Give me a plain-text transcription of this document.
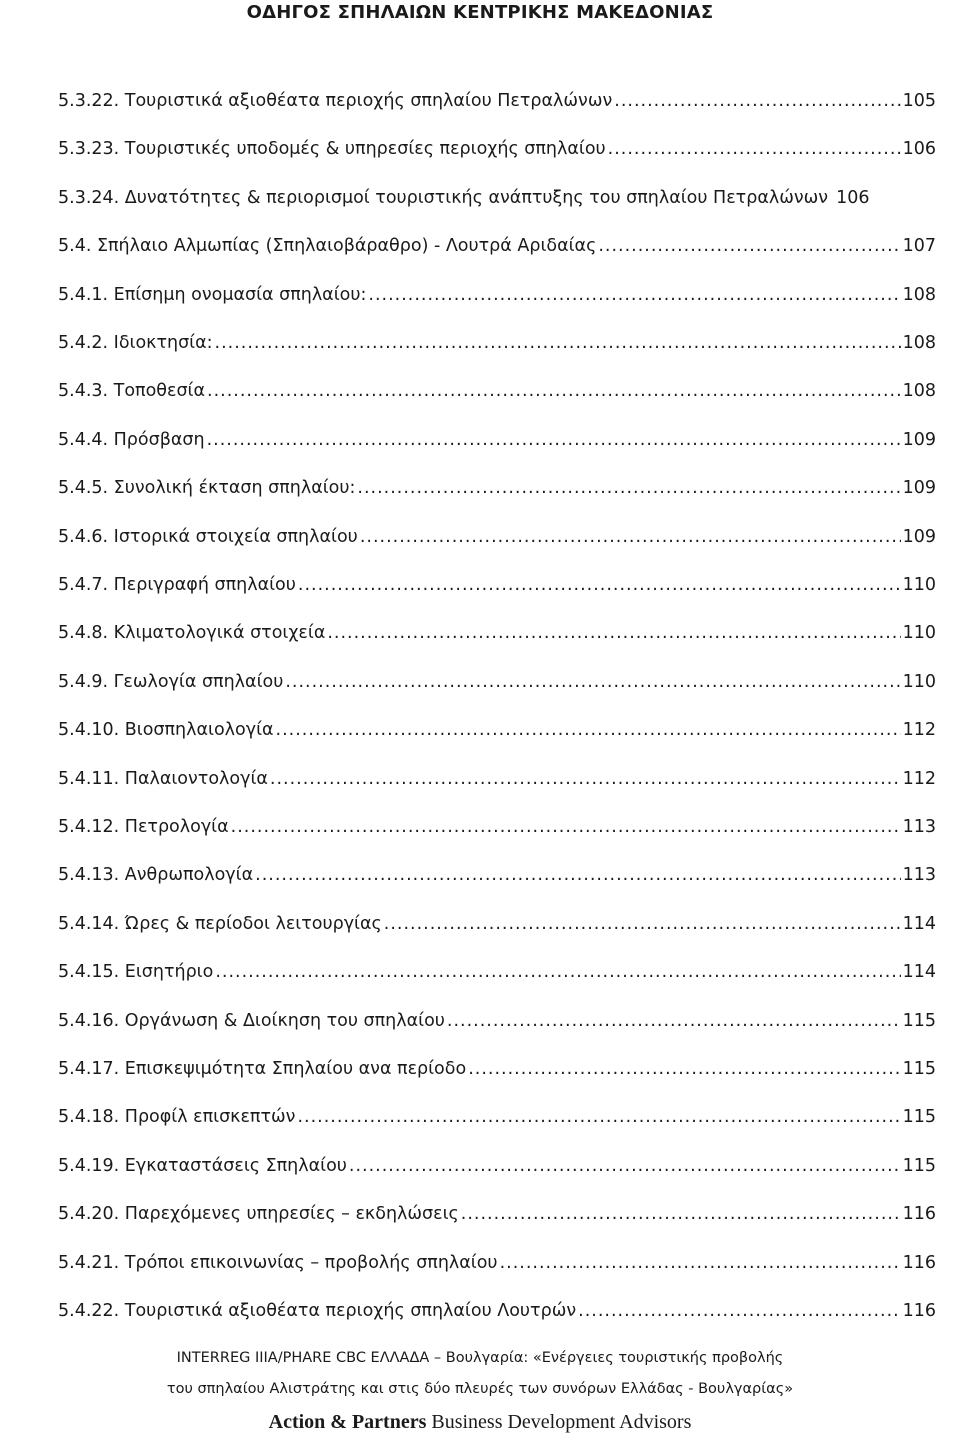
ΟΔΗΓΟΣ ΣΠΗΛΑΙΩΝ ΚΕΝΤΡΙΚΗΣ ΜΑΚΕΔΟΝΙΑΣ
5.3.22. Τουριστικά αξιοθέατα περιοχής σπηλαίου Πετραλώνων .....	105
5.3.23. Τουριστικές υποδομές & υπηρεσίες περιοχής σπηλαίου .....	106
5.3.24. Δυνατότητες & περιορισμοί τουριστικής ανάπτυξης του σπηλαίου Πετραλώνων 106
5.4. Σπήλαιο Αλμωπίας (Σπηλαιοβάραθρο) - Λουτρά Αριδαίας .....	107
5.4.1. Επίσημη ονομασία σπηλαίου: .....	108
5.4.2. Ιδιοκτησία: .....	108
5.4.3. Τοποθεσία .....	108
5.4.4. Πρόσβαση .....	109
5.4.5. Συνολική έκταση σπηλαίου: .....	109
5.4.6. Ιστορικά στοιχεία σπηλαίου .....	109
5.4.7. Περιγραφή σπηλαίου .....	110
5.4.8. Κλιματολογικά στοιχεία .....	110
5.4.9. Γεωλογία σπηλαίου .....	110
5.4.10. Βιοσπηλαιολογία .....	112
5.4.11. Παλαιοντολογία .....	112
5.4.12. Πετρολογία .....	113
5.4.13. Ανθρωπολογία .....	113
5.4.14. Ώρες & περίοδοι λειτουργίας .....	114
5.4.15. Εισητήριο .....	114
5.4.16. Οργάνωση & Διοίκηση του σπηλαίου .....	115
5.4.17. Επισκεψιμότητα Σπηλαίου ανα περίοδο .....	115
5.4.18. Προφίλ επισκεπτών .....	115
5.4.19. Εγκαταστάσεις Σπηλαίου .....	115
5.4.20. Παρεχόμενες υπηρεσίες – εκδηλώσεις .....	116
5.4.21. Τρόποι επικοινωνίας – προβολής σπηλαίου .....	116
5.4.22. Τουριστικά αξιοθέατα περιοχής σπηλαίου Λουτρών .....	116
INTERREG IIIA/PHARE CBC ΕΛΛΑΔΑ – Βουλγαρία: «Ενέργειες τουριστικής προβολής
του σπηλαίου Αλιστράτης και στις δύο πλευρές των συνόρων Ελλάδας - Βουλγαρίας»
Action & Partners Business Development Advisors
